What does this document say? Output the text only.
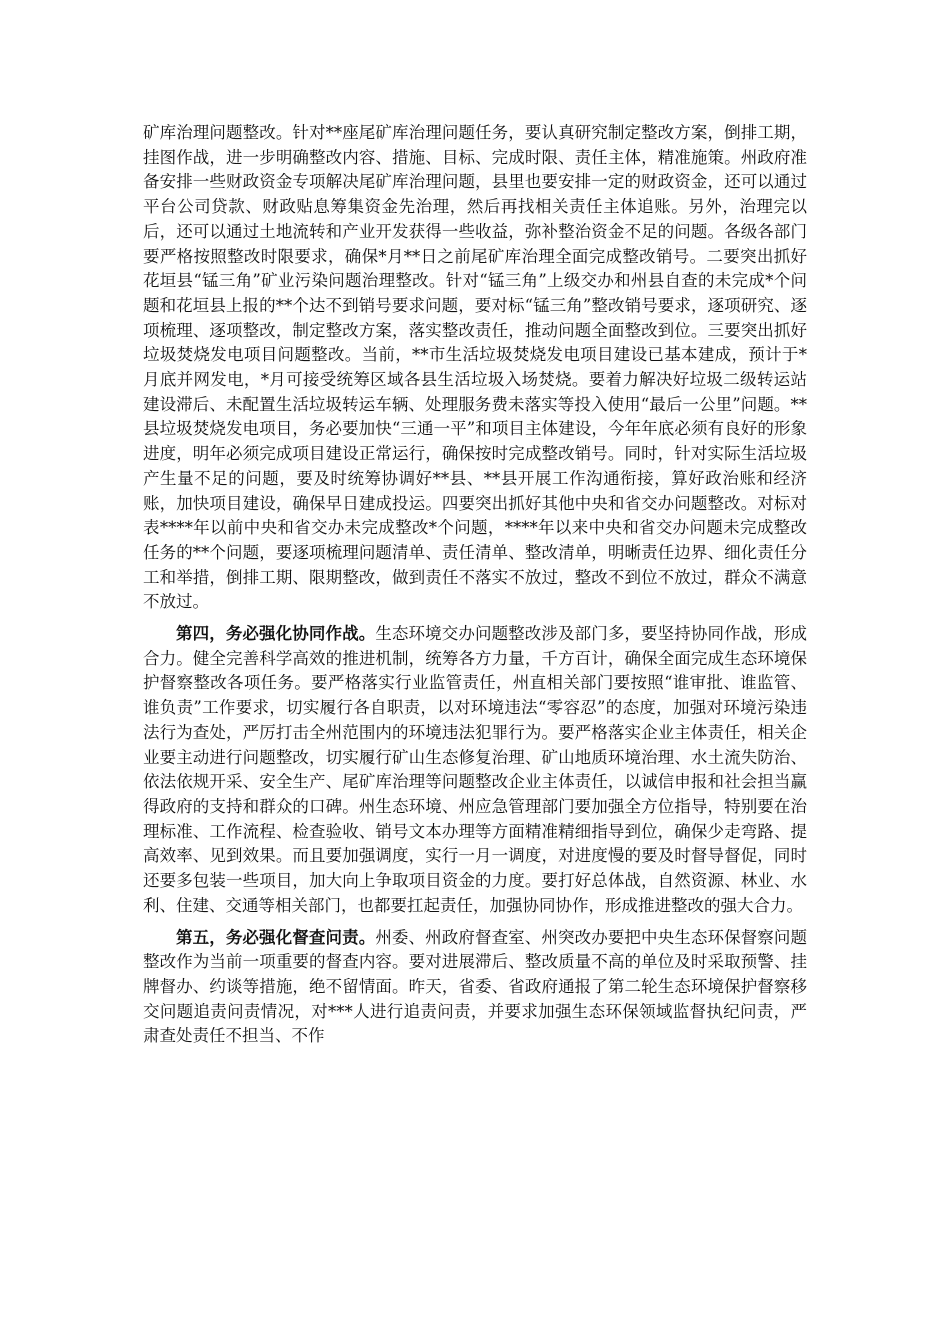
矿库治理问题整改。针对**座尾矿库治理问题任务，要认真研究制定整改方案，倒排工期，挂图作战，进一步明确整改内容、措施、目标、完成时限、责任主体，精准施策。州政府准备安排一些财政资金专项解决尾矿库治理问题，县里也要安排一定的财政资金，还可以通过平台公司贷款、财政贴息筹集资金先治理，然后再找相关责任主体追账。另外，治理完以后，还可以通过土地流转和产业开发获得一些收益，弥补整治资金不足的问题。各级各部门要严格按照整改时限要求，确保*月**日之前尾矿库治理全面完成整改销号。二要突出抓好花垣县“锰三角”矿业污染问题治理整改。针对“锰三角”上级交办和州县自查的未完成*个问题和花垣县上报的**个达不到销号要求问题，要对标“锰三角”整改销号要求，逐项研究、逐项梳理、逐项整改，制定整改方案，落实整改责任，推动问题全面整改到位。三要突出抓好垃圾焚烧发电项目问题整改。当前，**市生活垃圾焚烧发电项目建设已基本建成，预计于*月底并网发电，*月可接受统筹区域各县生活垃圾入场焚烧。要着力解决好垃圾二级转运站建设滞后、未配置生活垃圾转运车辆、处理服务费未落实等投入使用“最后一公里”问题。**县垃圾焚烧发电项目，务必要加快“三通一平”和项目主体建设，今年年底必须有良好的形象进度，明年必须完成项目建设正常运行，确保按时完成整改销号。同时，针对实际生活垃圾产生量不足的问题，要及时统筹协调好**县、**县开展工作沟通衔接，算好政治账和经济账，加快项目建设，确保早日建成投运。四要突出抓好其他中央和省交办问题整改。对标对表****年以前中央和省交办未完成整改*个问题，****年以来中央和省交办问题未完成整改任务的**个问题，要逐项梳理问题清单、责任清单、整改清单，明晰责任边界、细化责任分工和举措，倒排工期、限期整改，做到责任不落实不放过，整改不到位不放过，群众不满意不放过。

第四，务必强化协同作战。生态环境交办问题整改涉及部门多，要坚持协同作战，形成合力。健全完善科学高效的推进机制，统筹各方力量，千方百计，确保全面完成生态环境保护督察整改各项任务。要严格落实行业监管责任，州直相关部门要按照“谁审批、谁监管、谁负责”工作要求，切实履行各自职责，以对环境违法“零容忍”的态度，加强对环境污染违法行为查处，严厉打击全州范围内的环境违法犯罪行为。要严格落实企业主体责任，相关企业要主动进行问题整改，切实履行矿山生态修复治理、矿山地质环境治理、水土流失防治、依法依规开采、安全生产、尾矿库治理等问题整改企业主体责任，以诚信申报和社会担当赢得政府的支持和群众的口碑。州生态环境、州应急管理部门要加强全方位指导，特别要在治理标准、工作流程、检查验收、销号文本办理等方面精准精细指导到位，确保少走弯路、提高效率、见到效果。而且要加强调度，实行一月一调度，对进度慢的要及时督导督促，同时还要多包装一些项目，加大向上争取项目资金的力度。要打好总体战，自然资源、林业、水利、住建、交通等相关部门，也都要扛起责任，加强协同协作，形成推进整改的强大合力。

第五，务必强化督查问责。州委、州政府督查室、州突改办要把中央生态环保督察问题整改作为当前一项重要的督查内容。要对进展滞后、整改质量不高的单位及时采取预警、挂牌督办、约谈等措施，绝不留情面。昨天，省委、省政府通报了第二轮生态环境保护督察移交问题追责问责情况，对***人进行追责问责，并要求加强生态环保领域监督执纪问责，严肃查处责任不担当、不作
